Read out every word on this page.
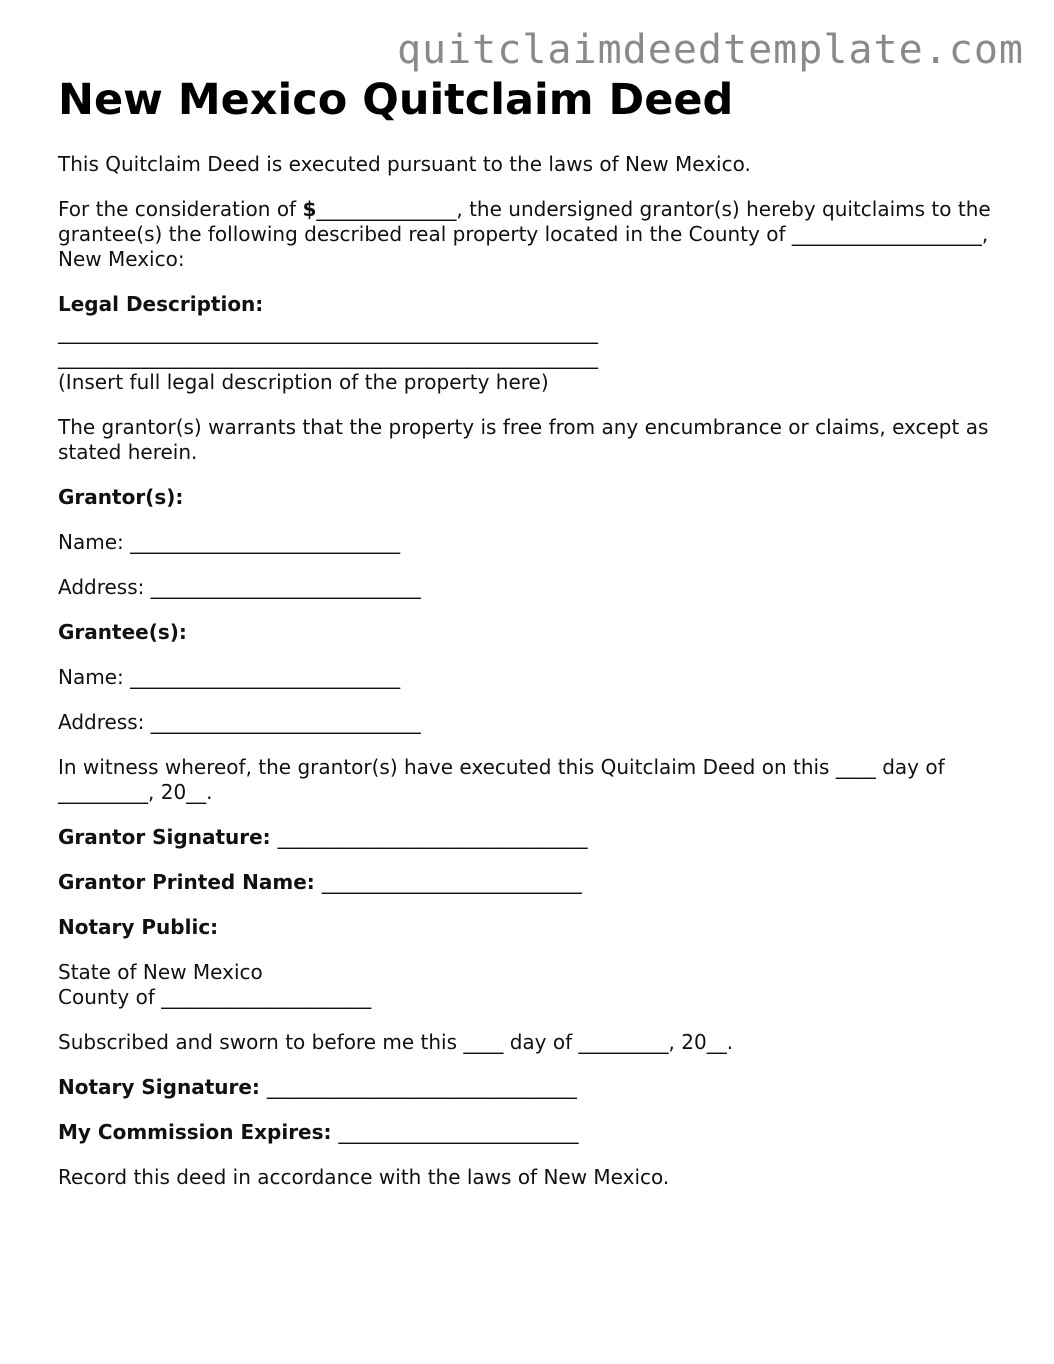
quitclaimdeedtemplate.com
New Mexico Quitclaim Deed

This Quitclaim Deed is executed pursuant to the laws of New Mexico.

For the consideration of $______________, the undersigned grantor(s) hereby quitclaims to the grantee(s) the following described real property located in the County of ___________________, New Mexico:

Legal Description:

______________________________________________________

______________________________________________________

(Insert full legal description of the property here)

The grantor(s) warrants that the property is free from any encumbrance or claims, except as stated herein.

Grantor(s):

Name: ___________________________

Address: ___________________________

Grantee(s):

Name: ___________________________

Address: ___________________________

In witness whereof, the grantor(s) have executed this Quitclaim Deed on this ____ day of _________, 20__.

Grantor Signature: _______________________________

Grantor Printed Name: __________________________

Notary Public:

State of New Mexico

County of _____________________

Subscribed and sworn to before me this ____ day of _________, 20__.

Notary Signature: _______________________________

My Commission Expires: ________________________

Record this deed in accordance with the laws of New Mexico.
